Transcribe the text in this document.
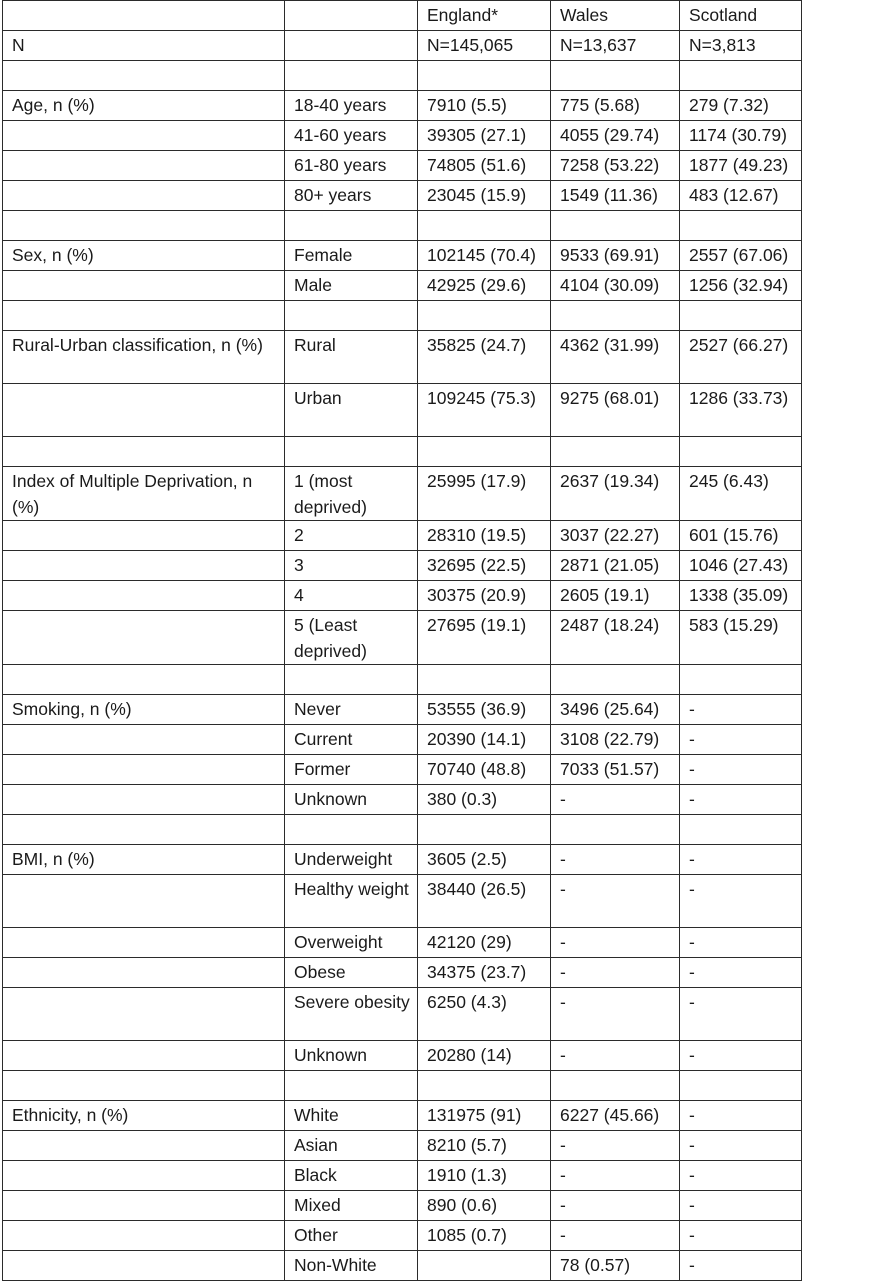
		England*	Wales	Scotland
N		N=145,065	N=13,637	N=3,813

Age, n (%)	18-40 years	7910 (5.5)	775 (5.68)	279 (7.32)
	41-60 years	39305 (27.1)	4055 (29.74)	1174 (30.79)
	61-80 years	74805 (51.6)	7258 (53.22)	1877 (49.23)
	80+ years	23045 (15.9)	1549 (11.36)	483 (12.67)

Sex, n (%)	Female	102145 (70.4)	9533 (69.91)	2557 (67.06)
	Male	42925 (29.6)	4104 (30.09)	1256 (32.94)

Rural-Urban classification, n (%)	Rural	35825 (24.7)	4362 (31.99)	2527 (66.27)
	Urban	109245 (75.3)	9275 (68.01)	1286 (33.73)

Index of Multiple Deprivation, n (%)	1 (most deprived)	25995 (17.9)	2637 (19.34)	245 (6.43)
	2	28310 (19.5)	3037 (22.27)	601 (15.76)
	3	32695 (22.5)	2871 (21.05)	1046 (27.43)
	4	30375 (20.9)	2605 (19.1)	1338 (35.09)
	5 (Least deprived)	27695 (19.1)	2487 (18.24)	583 (15.29)

Smoking, n (%)	Never	53555 (36.9)	3496 (25.64)	-
	Current	20390 (14.1)	3108 (22.79)	-
	Former	70740 (48.8)	7033 (51.57)	-
	Unknown	380 (0.3)	-	-

BMI, n (%)	Underweight	3605 (2.5)	-	-
	Healthy weight	38440 (26.5)	-	-
	Overweight	42120 (29)	-	-
	Obese	34375 (23.7)	-	-
	Severe obesity	6250 (4.3)	-	-
	Unknown	20280 (14)	-	-

Ethnicity, n (%)	White	131975 (91)	6227 (45.66)	-
	Asian	8210 (5.7)	-	-
	Black	1910 (1.3)	-	-
	Mixed	890 (0.6)	-	-
	Other	1085 (0.7)	-	-
	Non-White		78 (0.57)	-
